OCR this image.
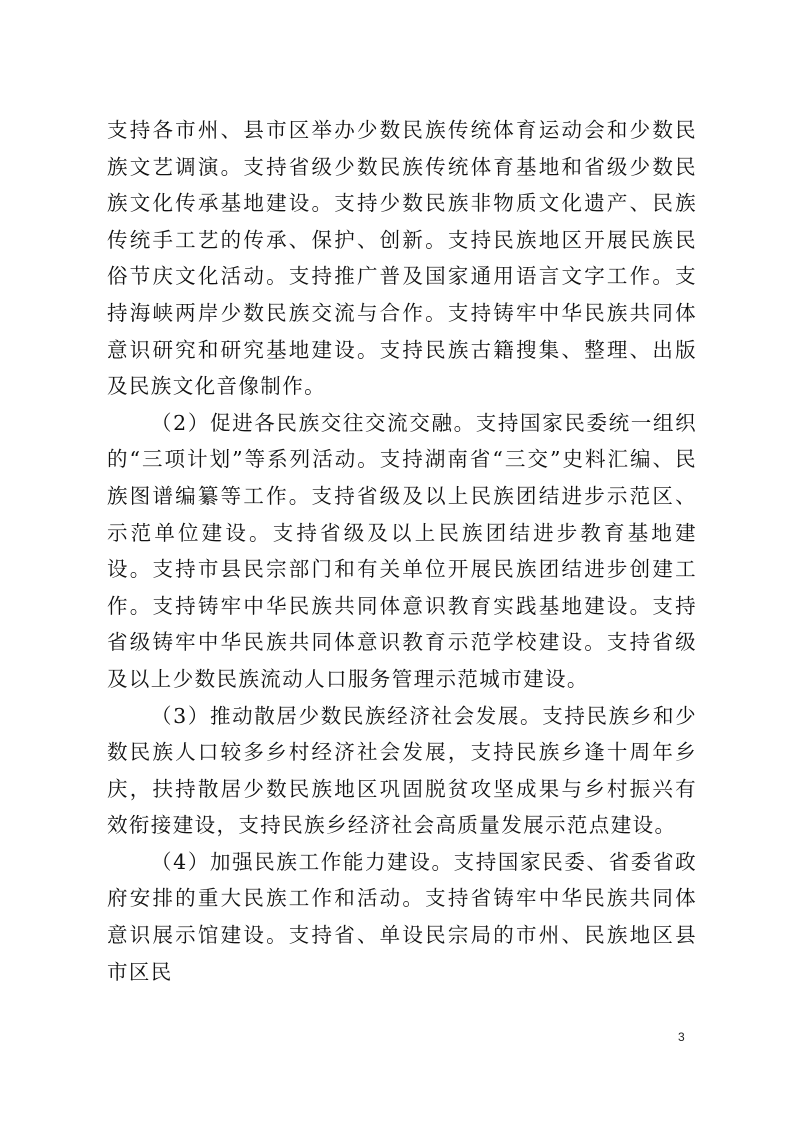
支持各市州、县市区举办少数民族传统体育运动会和少数民族文艺调演。支持省级少数民族传统体育基地和省级少数民族文化传承基地建设。支持少数民族非物质文化遗产、民族传统手工艺的传承、保护、创新。支持民族地区开展民族民俗节庆文化活动。支持推广普及国家通用语言文字工作。支持海峡两岸少数民族交流与合作。支持铸牢中华民族共同体意识研究和研究基地建设。支持民族古籍搜集、整理、出版及民族文化音像制作。

（2）促进各民族交往交流交融。支持国家民委统一组织的“三项计划”等系列活动。支持湖南省“三交”史料汇编、民族图谱编纂等工作。支持省级及以上民族团结进步示范区、示范单位建设。支持省级及以上民族团结进步教育基地建设。支持市县民宗部门和有关单位开展民族团结进步创建工作。支持铸牢中华民族共同体意识教育实践基地建设。支持省级铸牢中华民族共同体意识教育示范学校建设。支持省级及以上少数民族流动人口服务管理示范城市建设。

（3）推动散居少数民族经济社会发展。支持民族乡和少数民族人口较多乡村经济社会发展，支持民族乡逢十周年乡庆，扶持散居少数民族地区巩固脱贫攻坚成果与乡村振兴有效衔接建设，支持民族乡经济社会高质量发展示范点建设。

（4）加强民族工作能力建设。支持国家民委、省委省政府安排的重大民族工作和活动。支持省铸牢中华民族共同体意识展示馆建设。支持省、单设民宗局的市州、民族地区县市区民

3
